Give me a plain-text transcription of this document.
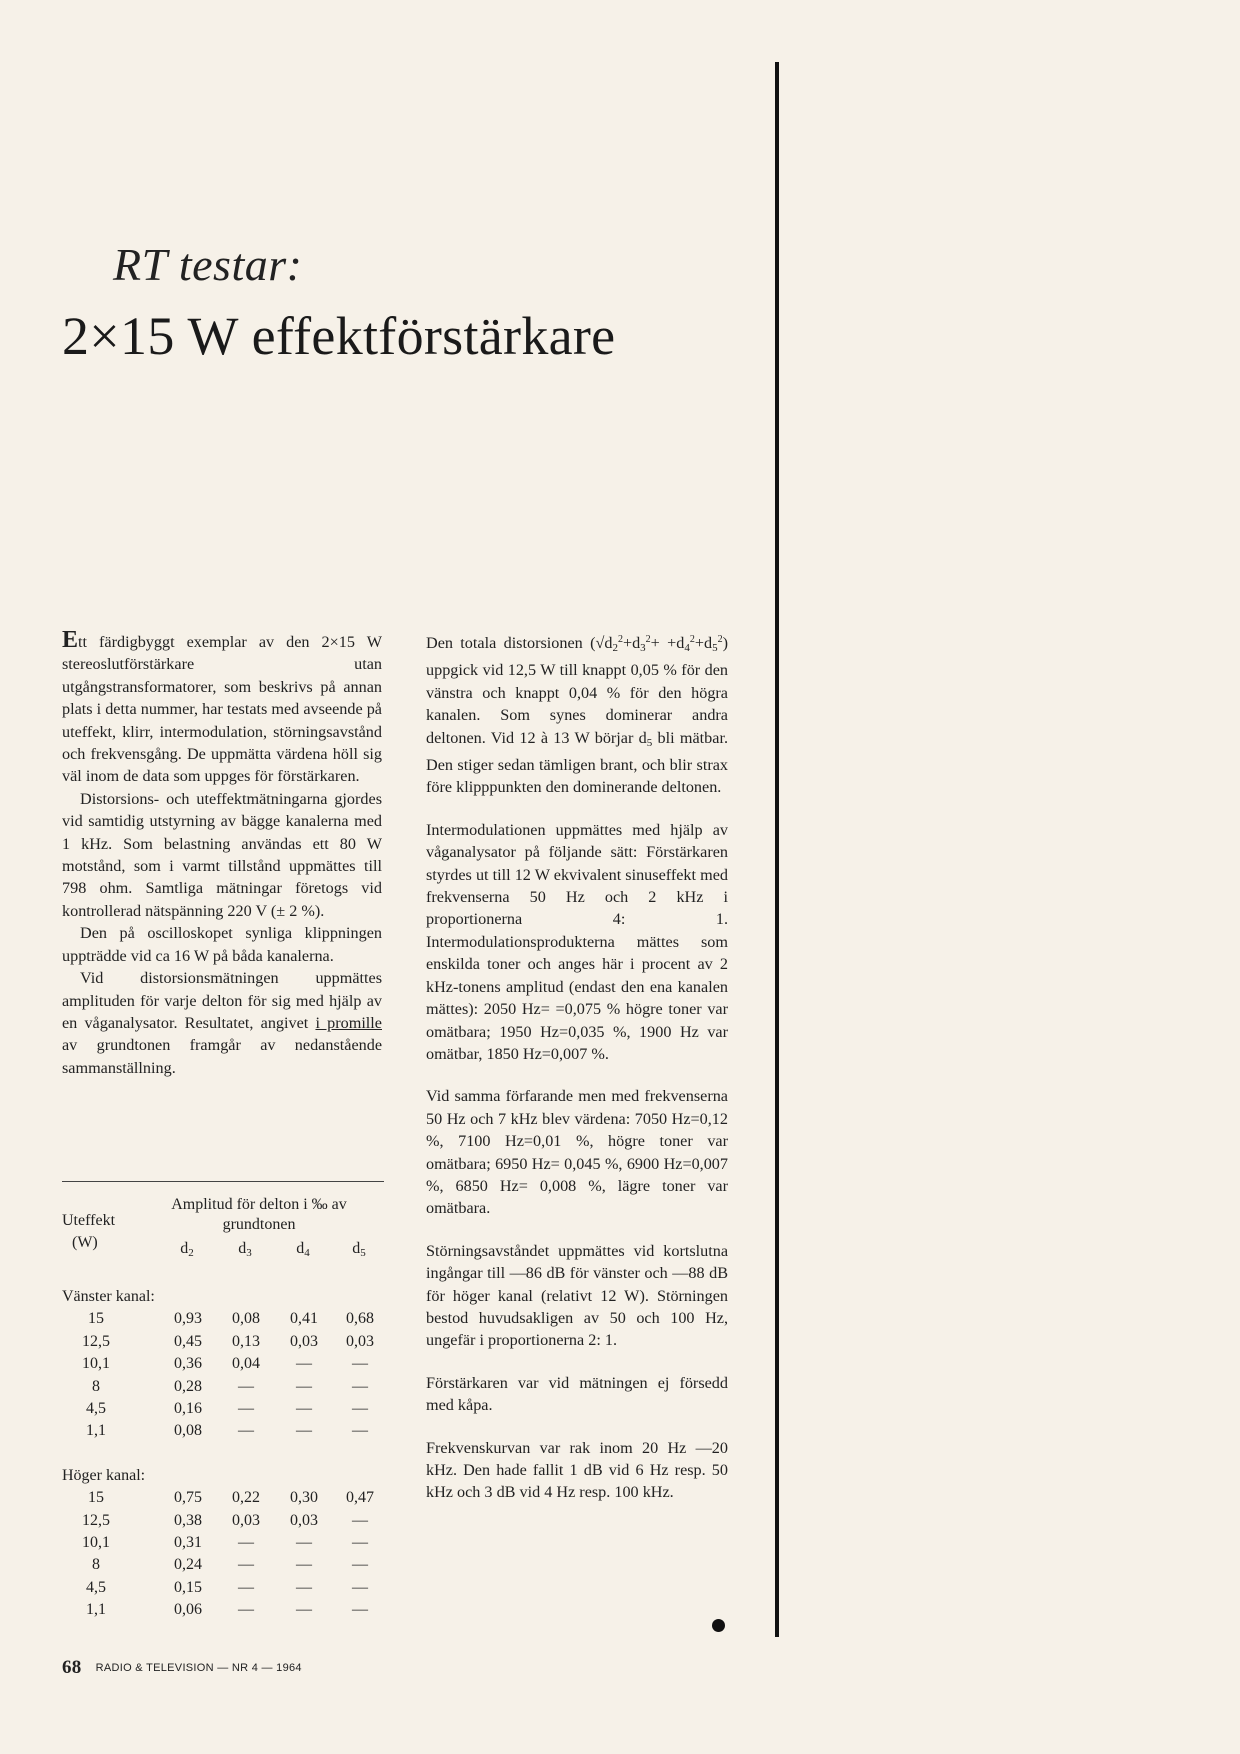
RT testar:
2×15 W effektförstärkare

Ett färdigbyggt exemplar av den 2×15 W stereoslutförstärkare utan utgångstransformatorer, som beskrivs på annan plats i detta nummer, har testats med avseende på uteffekt, klirr, intermodulation, störningsavstånd och frekvensgång. De uppmätta värdena höll sig väl inom de data som uppges för förstärkaren.

Distorsions- och uteffektmätningarna gjordes vid samtidig utstyrning av bägge kanalerna med 1 kHz. Som belastning användas ett 80 W motstånd, som i varmt tillstånd uppmättes till 798 ohm. Samtliga mätningar företogs vid kontrollerad nätspänning 220 V (± 2 %).

Den på oscilloskopet synliga klippningen uppträdde vid ca 16 W på båda kanalerna.

Vid distorsionsmätningen uppmättes amplituden för varje delton för sig med hjälp av en våganalysator. Resultatet, angivet i promille av grundtonen framgår av nedanstående sammanställning.

Uteffekt
(W)
Amplitud för delton i ‰ av
grundtonen
$d_2$	$d_3$	$d_4$	$d_5$
Vänster kanal:
15	0,93	0,08	0,41	0,68
12,5	0,45	0,13	0,03	0,03
10,1	0,36	0,04	—	—
8	0,28	—	—	—
4,5	0,16	—	—	—
1,1	0,08	—	—	—
Höger kanal:
15	0,75	0,22	0,30	0,47
12,5	0,38	0,03	0,03	—
10,1	0,31	—	—	—
8	0,24	—	—	—
4,5	0,15	—	—	—
1,1	0,06	—	—	—

Den totala distorsionen $(√d_2^2+d_3^2+ +d_4^2+d_5^2)$ uppgick vid 12,5 W till knappt 0,05 % för den vänstra och knappt 0,04 % för den högra kanalen. Som synes dominerar andra deltonen. Vid 12 à 13 W börjar $d_5$ bli mätbar. Den stiger sedan tämligen brant, och blir strax före klipppunkten den dominerande deltonen.

Intermodulationen uppmättes med hjälp av våganalysator på följande sätt: Förstärkaren styrdes ut till 12 W ekvivalent sinuseffekt med frekvenserna 50 Hz och 2 kHz i proportionerna 4: 1. Intermodulationsprodukterna mättes som enskilda toner och anges här i procent av 2 kHz-tonens amplitud (endast den ena kanalen mättes): 2050 Hz= =0,075 % högre toner var omätbara; 1950 Hz=0,035 %, 1900 Hz var omätbar, 1850 Hz=0,007 %.

Vid samma förfarande men med frekvenserna 50 Hz och 7 kHz blev värdena: 7050 Hz=0,12 %, 7100 Hz=0,01 %, högre toner var omätbara; 6950 Hz= 0,045 %, 6900 Hz=0,007 %, 6850 Hz= 0,008 %, lägre toner var omätbara.

Störningsavståndet uppmättes vid kortslutna ingångar till —86 dB för vänster och —88 dB för höger kanal (relativt 12 W). Störningen bestod huvudsakligen av 50 och 100 Hz, ungefär i proportionerna 2: 1.

Förstärkaren var vid mätningen ej försedd med kåpa.

Frekvenskurvan var rak inom 20 Hz —20 kHz. Den hade fallit 1 dB vid 6 Hz resp. 50 kHz och 3 dB vid 4 Hz resp. 100 kHz.

68 RADIO & TELEVISION — NR 4 — 1964
